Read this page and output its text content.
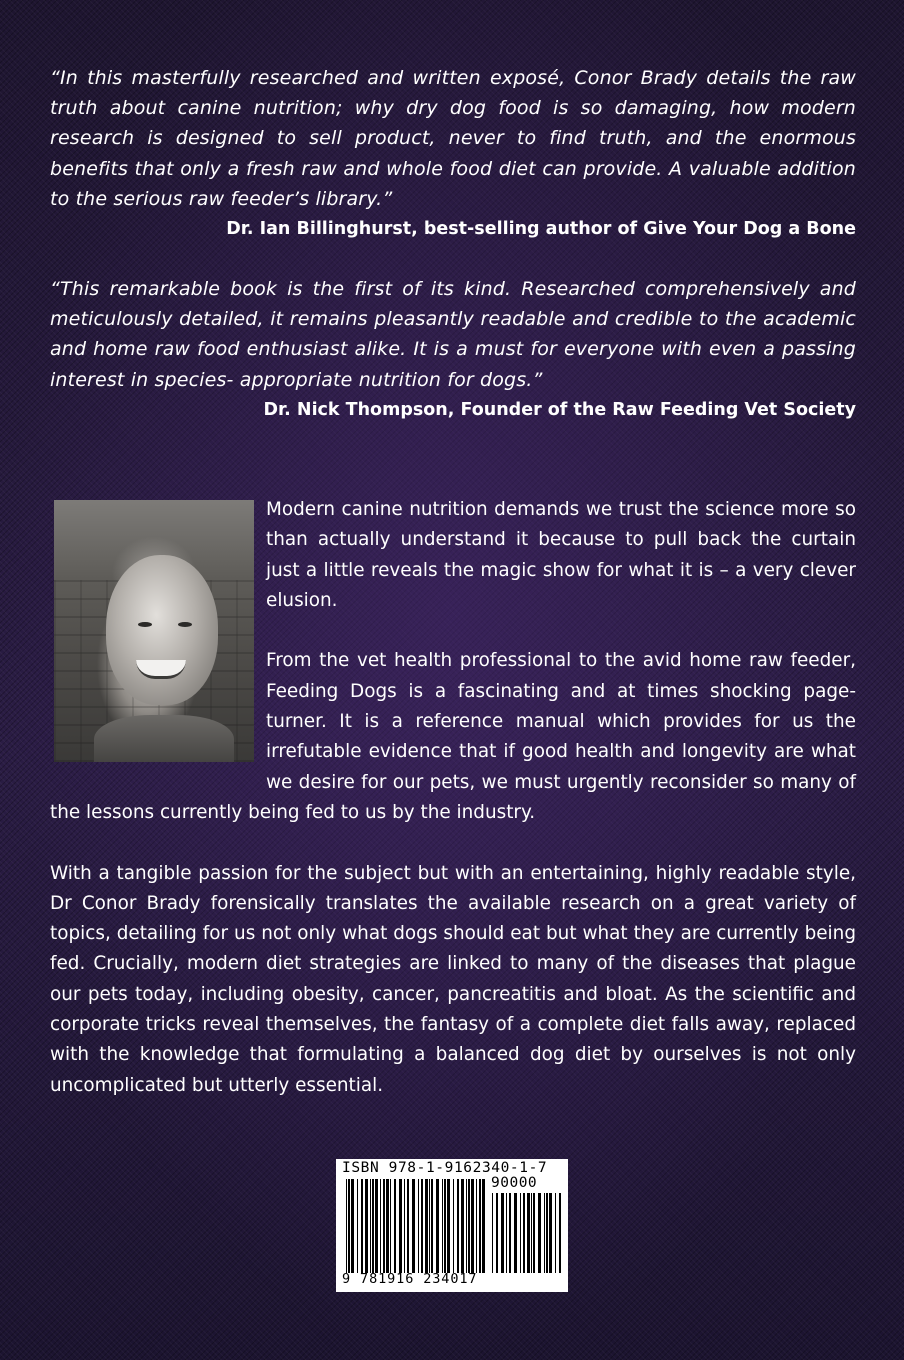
“In this masterfully researched and written exposé, Conor Brady details the raw truth about canine nutrition; why dry dog food is so damaging, how modern research is designed to sell product, never to find truth, and the enormous benefits that only a fresh raw and whole food diet can provide. A valuable addition to the serious raw feeder’s library.”

Dr. Ian Billinghurst, best-selling author of Give Your Dog a Bone

“This remarkable book is the first of its kind. Researched comprehensively and meticulously detailed, it remains pleasantly readable and credible to the academic and home raw food enthusiast alike. It is a must for everyone with even a passing interest in species- appropriate nutrition for dogs.”

Dr. Nick Thompson, Founder of the Raw Feeding Vet Society

Modern canine nutrition demands we trust the science more so than actually understand it because to pull back the curtain just a little reveals the magic show for what it is – a very clever elusion.

From the vet health professional to the avid home raw feeder, Feeding Dogs is a fascinating and at times shocking page-turner. It is a reference manual which provides for us the irrefutable evidence that if good health and longevity are what we desire for our pets, we must urgently reconsider so many of the lessons currently being fed to us by the industry.

With a tangible passion for the subject but with an entertaining, highly readable style, Dr Conor Brady forensically translates the available research on a great variety of topics, detailing for us not only what dogs should eat but what they are currently being fed. Crucially, modern diet strategies are linked to many of the diseases that plague our pets today, including obesity, cancer, pancreatitis and bloat. As the scientific and corporate tricks reveal themselves, the fantasy of a complete diet falls away, replaced with the knowledge that formulating a balanced dog diet by ourselves is not only uncomplicated but utterly essential.

ISBN 978-1-9162340-1-7
90000
9 781916 234017
